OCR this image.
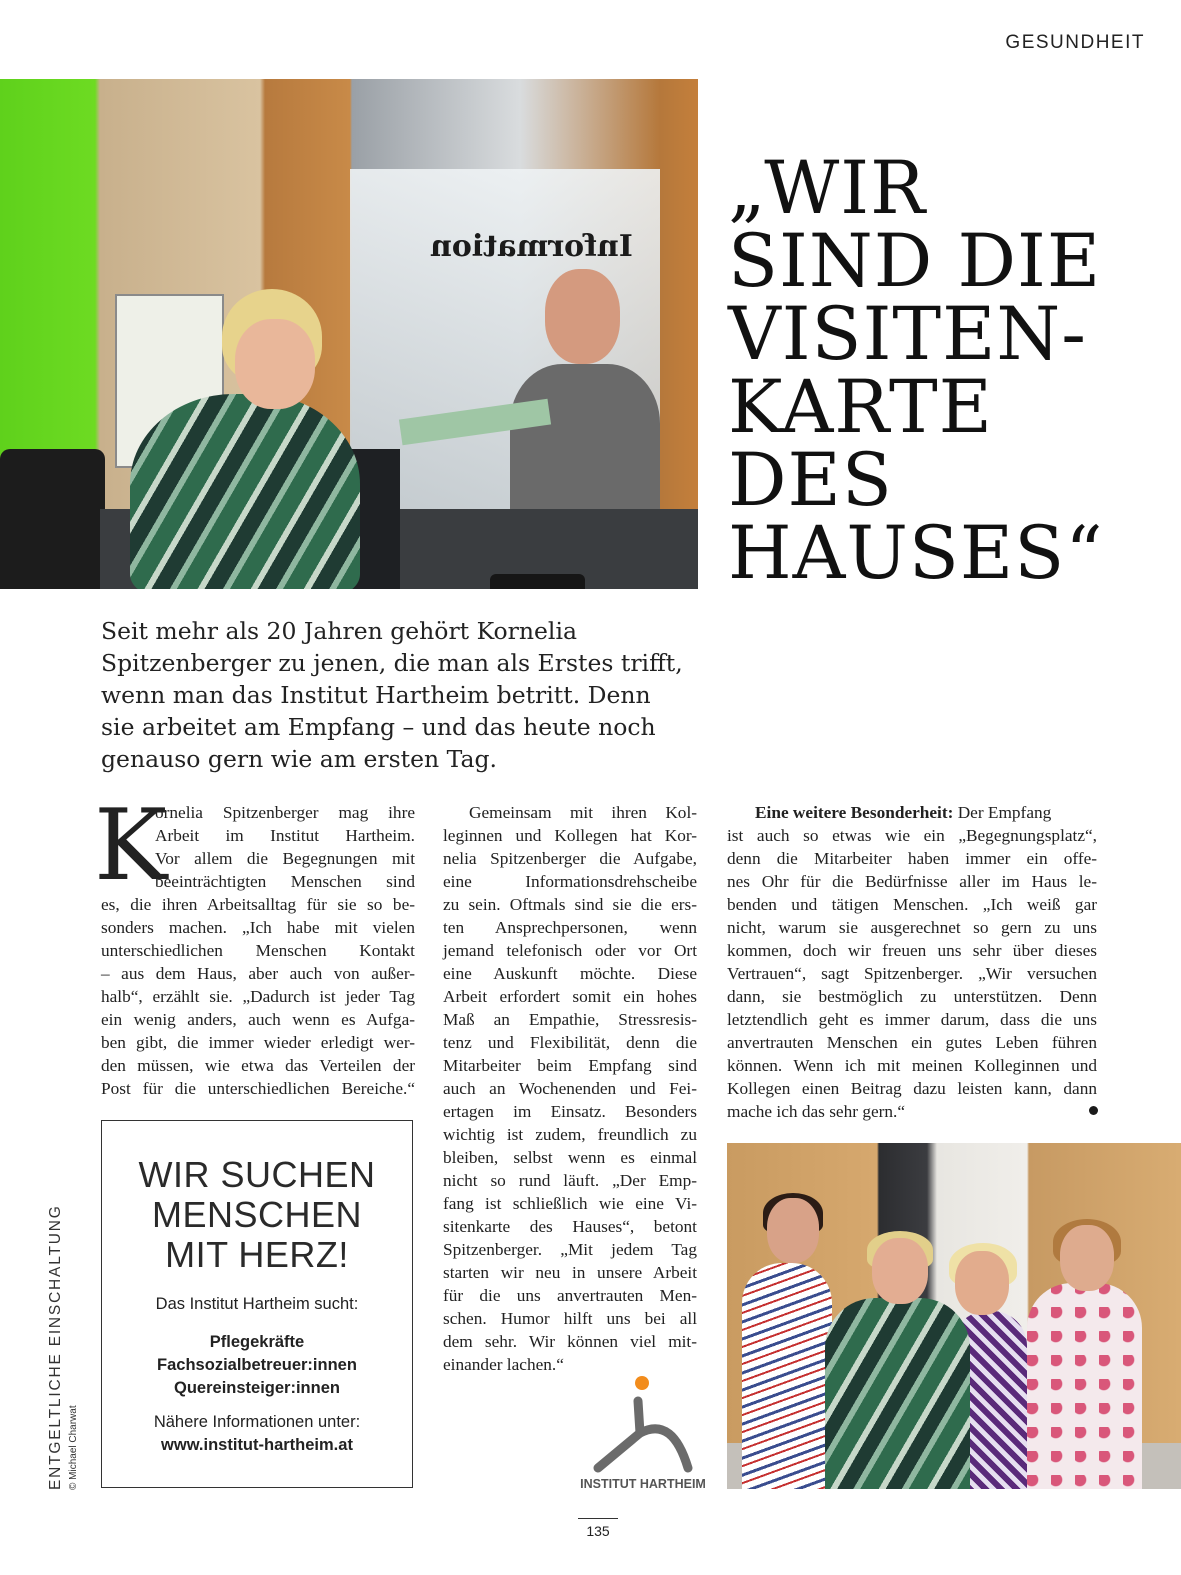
GESUNDHEIT
Information
„WIR
SIND DIE
VISITEN-
KARTE
DES
HAUSES“
Seit mehr als 20 Jahren gehört Kornelia
Spitzenberger zu jenen, die man als Erstes trifft,
wenn man das Institut Hartheim betritt. Denn
sie arbeitet am Empfang – und das heute noch
genauso gern wie am ersten Tag.
K
ornelia Spitzenberger mag ihre
Arbeit im Institut Hartheim.
Vor allem die Begegnungen mit
beeinträchtigten Menschen sind
es, die ihren Arbeitsalltag für sie so be-
sonders machen. „Ich habe mit vielen
unterschiedlichen Menschen Kontakt
– aus dem Haus, aber auch von außer-
halb“, erzählt sie. „Dadurch ist jeder Tag
ein wenig anders, auch wenn es Aufga-
ben gibt, die immer wieder erledigt wer-
den müssen, wie etwa das Verteilen der
Post für die unterschiedlichen Bereiche.“
Gemeinsam mit ihren Kol-
leginnen und Kollegen hat Kor-
nelia Spitzenberger die Aufgabe,
eine Informationsdrehscheibe
zu sein. Oftmals sind sie die ers-
ten Ansprechpersonen, wenn
jemand telefonisch oder vor Ort
eine Auskunft möchte. Diese
Arbeit erfordert somit ein hohes
Maß an Empathie, Stressresis-
tenz und Flexibilität, denn die
Mitarbeiter beim Empfang sind
auch an Wochenenden und Fei-
ertagen im Einsatz. Besonders
wichtig ist zudem, freundlich zu
bleiben, selbst wenn es einmal
nicht so rund läuft. „Der Emp-
fang ist schließlich wie eine Vi-
sitenkarte des Hauses“, betont
Spitzenberger. „Mit jedem Tag
starten wir neu in unsere Arbeit
für die uns anvertrauten Men-
schen. Humor hilft uns bei all
dem sehr. Wir können viel mit-
einander lachen.“
Eine weitere Besonderheit: Der Empfang
ist auch so etwas wie ein „Begegnungsplatz“,
denn die Mitarbeiter haben immer ein offe-
nes Ohr für die Bedürfnisse aller im Haus le-
benden und tätigen Menschen. „Ich weiß gar
nicht, warum sie ausgerechnet so gern zu uns
kommen, doch wir freuen uns sehr über dieses
Vertrauen“, sagt Spitzenberger. „Wir versuchen
dann, sie bestmöglich zu unterstützen. Denn
letztendlich geht es immer darum, dass die uns
anvertrauten Menschen ein gutes Leben führen
können. Wenn ich mit meinen Kolleginnen und
Kollegen einen Beitrag dazu leisten kann, dann
mache ich das sehr gern.“
WIR SUCHEN
MENSCHEN
MIT HERZ!
Das Institut Hartheim sucht:
Pflegekräfte
Fachsozialbetreuer:innen
Quereinsteiger:innen
Nähere Informationen unter:
www.institut-hartheim.at
ENTGELTLICHE EINSCHALTUNG © Michael Charwat	INSTITUT HARTHEIM
135
